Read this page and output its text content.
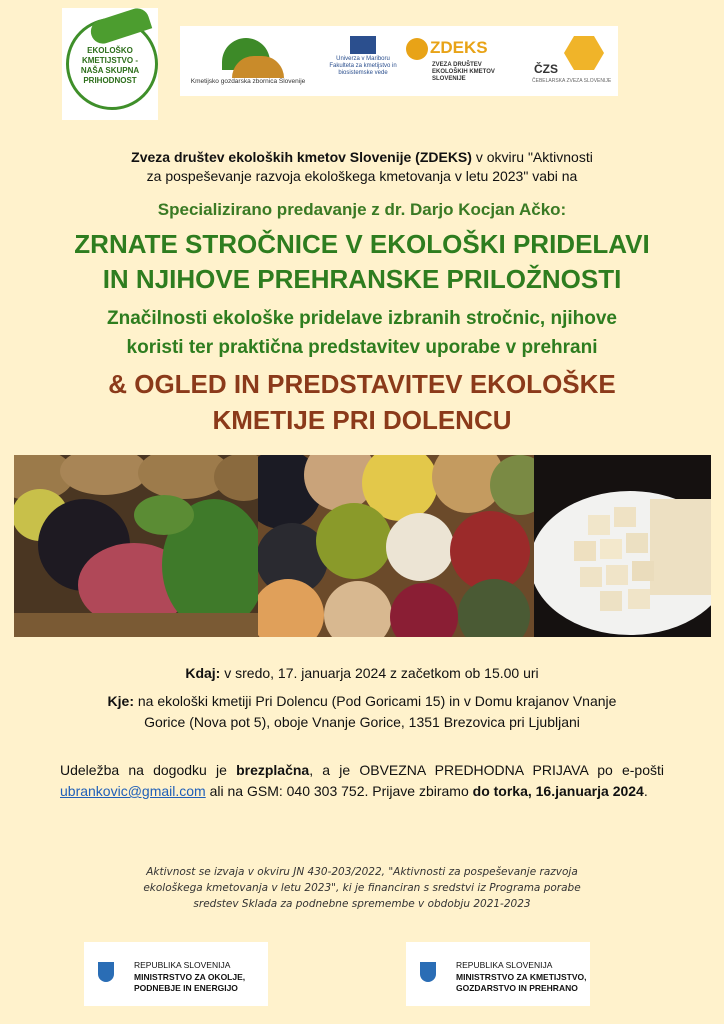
EKOLOŠKO
KMETIJSTVO -
NAŠA SKUPNA
PRIHODNOST	Kmetijsko gozdarska zbornica Slovenije
Univerza v Mariboru
Fakulteta za kmetijstvo in biosistemske vede
ZDEKS
ZVEZA DRUŠTEV EKOLOŠKIH KMETOV SLOVENIJE
ČZS
ČEBELARSKA ZVEZA SLOVENIJE
Zveza društev ekoloških kmetov Slovenije (ZDEKS) v okviru "Aktivnosti
za pospeševanje razvoja ekološkega kmetovanja v letu 2023" vabi na
Specializirano predavanje z dr. Darjo Kocjan Ačko:
ZRNATE STROČNICE V EKOLOŠKI PRIDELAVI
IN NJIHOVE PREHRANSKE PRILOŽNOSTI
Značilnosti ekološke pridelave izbranih stročnic, njihove
koristi ter praktična predstavitev uporabe v prehrani
& OGLED IN PREDSTAVITEV EKOLOŠKE
KMETIJE PRI DOLENCU
Kdaj: v sredo, 17. januarja 2024 z začetkom ob 15.00 uri
Kje: na ekološki kmetiji Pri Dolencu (Pod Goricami 15) in v Domu krajanov Vnanje
Gorice (Nova pot 5), oboje Vnanje Gorice, 1351 Brezovica pri Ljubljani
Udeležba na dogodku je brezplačna, a je OBVEZNA PREDHODNA PRIJAVA po e-pošti ubrankovic@gmail.com ali na GSM: 040 303 752. Prijave zbiramo do torka, 16.januarja 2024.
Aktivnost se izvaja v okviru JN 430-203/2022, "Aktivnosti za pospeševanje razvoja
ekološkega kmetovanja v letu 2023", ki je financiran s sredstvi iz Programa porabe
sredstev Sklada za podnebne spremembe v obdobju 2021-2023
REPUBLIKA SLOVENIJA
MINISTRSTVO ZA OKOLJE,
PODNEBJE IN ENERGIJO
REPUBLIKA SLOVENIJA
MINISTRSTVO ZA KMETIJSTVO,
GOZDARSTVO IN PREHRANO
